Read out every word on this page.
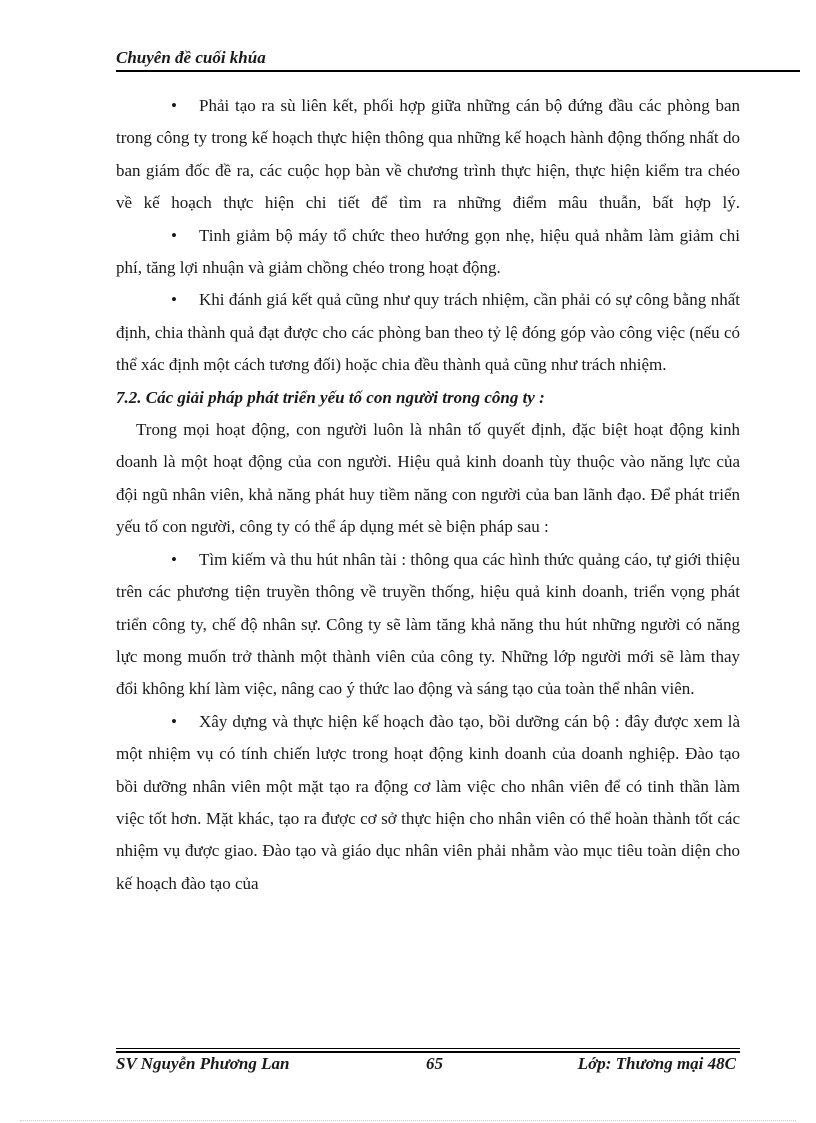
Chuyên đề cuối khúa

• Phải tạo ra sù liên kết, phối hợp giữa những cán bộ đứng đầu các phòng ban trong công ty trong kế hoạch thực hiện thông qua những kế hoạch hành động thống nhất do ban giám đốc đề ra, các cuộc họp bàn về chương trình thực hiện, thực hiện kiểm tra chéo về kế hoạch thực hiện chi tiết để tìm ra những điểm mâu thuẫn, bất hợp lý.

• Tinh giảm bộ máy tổ chức theo hướng gọn nhẹ, hiệu quả nhằm làm giảm chi phí, tăng lợi nhuận và giảm chồng chéo trong hoạt động.

• Khi đánh giá kết quả cũng như quy trách nhiệm, cần phải có sự công bằng nhất định, chia thành quả đạt được cho các phòng ban theo tỷ lệ đóng góp vào công việc (nếu có thể xác định một cách tương đối) hoặc chia đều thành quả cũng như trách nhiệm.

7.2. Các giải pháp phát triển yếu tố con người trong công ty :

Trong mọi hoạt động, con người luôn là nhân tố quyết định, đặc biệt hoạt động kinh doanh là một hoạt động của con người. Hiệu quả kinh doanh tùy thuộc vào năng lực của đội ngũ nhân viên, khả năng phát huy tiềm năng con người của ban lãnh đạo. Để phát triển yếu tố con người, công ty có thể áp dụng mét sè biện pháp sau :

• Tìm kiếm và thu hút nhân tài : thông qua các hình thức quảng cáo, tự giới thiệu trên các phương tiện truyền thông về truyền thống, hiệu quả kinh doanh, triển vọng phát triển công ty, chế độ nhân sự. Công ty sẽ làm tăng khả năng thu hút những người có năng lực mong muốn trở thành một thành viên của công ty. Những lớp người mới sẽ làm thay đổi không khí làm việc, nâng cao ý thức lao động và sáng tạo của toàn thể nhân viên.

• Xây dựng và thực hiện kế hoạch đào tạo, bồi dưỡng cán bộ : đây được xem là một nhiệm vụ có tính chiến lược trong hoạt động kinh doanh của doanh nghiệp. Đào tạo bồi dưỡng nhân viên một mặt tạo ra động cơ làm việc cho nhân viên để có tinh thần làm việc tốt hơn. Mặt khác, tạo ra được cơ sở thực hiện cho nhân viên có thể hoàn thành tốt các nhiệm vụ được giao. Đào tạo và giáo dục nhân viên phải nhằm vào mục tiêu toàn diện cho kế hoạch đào tạo của

SV Nguyễn Phương Lan	65	Lớp: Thương mại 48C
